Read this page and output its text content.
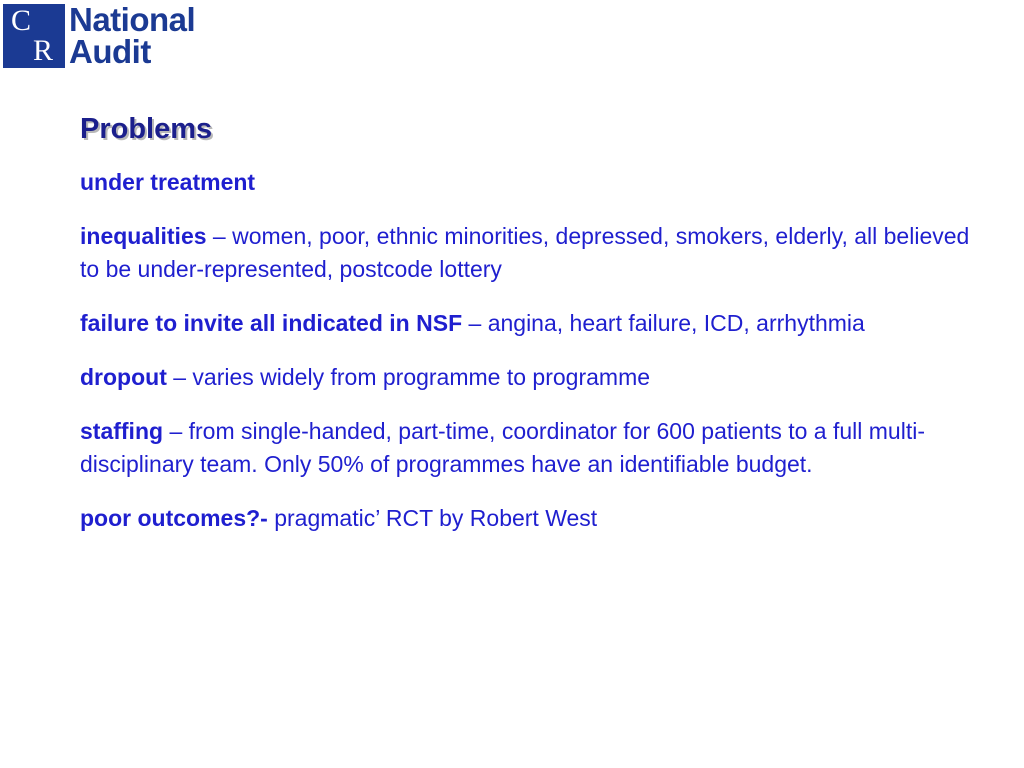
C
R
National
Audit
Problems

under treatment

inequalities – women, poor, ethnic minorities, depressed, smokers, elderly, all believed to be under-represented, postcode lottery

failure to invite all indicated in NSF – angina, heart failure, ICD, arrhythmia

dropout – varies widely from programme to programme

staffing – from single-handed, part-time, coordinator for 600 patients to a full multi-disciplinary team. Only 50% of programmes have an identifiable budget.

poor outcomes?- pragmatic’ RCT by Robert West
